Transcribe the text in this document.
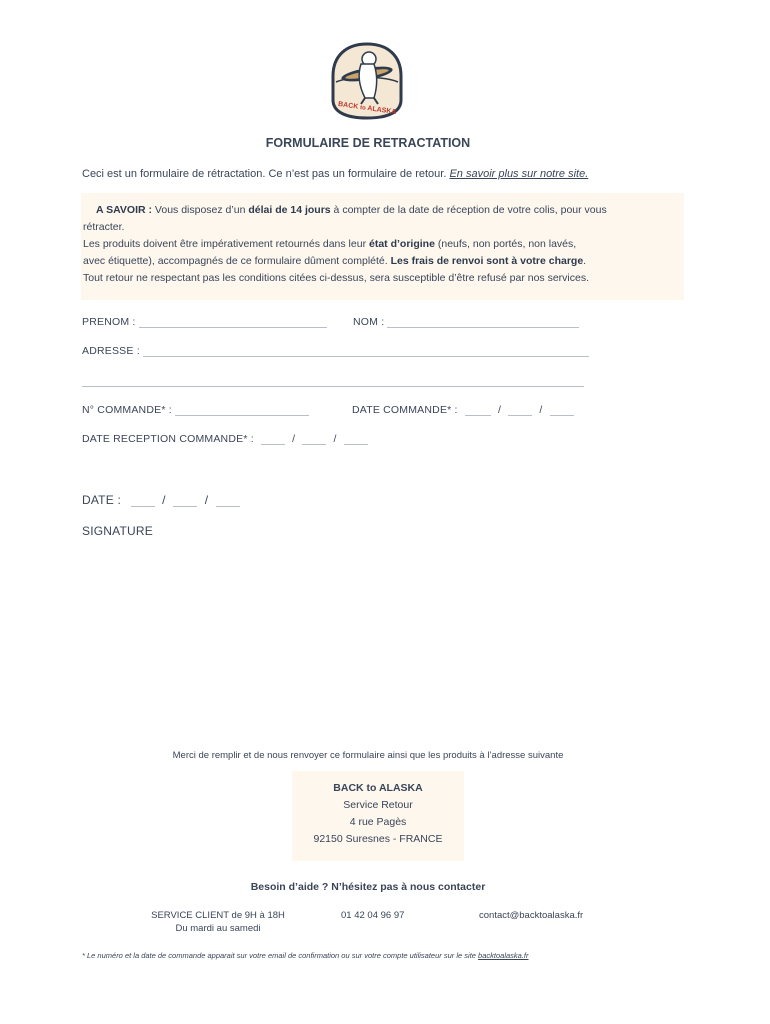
BACK to ALASKA
FORMULAIRE DE RETRACTATION
Ceci est un formulaire de rétractation. Ce n’est pas un formulaire de retour. En savoir plus sur notre site.
A SAVOIR : Vous disposez d’un délai de 14 jours à compter de la date de réception de votre colis, pour vous
rétracter.
Les produits doivent être impérativement retournés dans leur état d’origine (neufs, non portés, non lavés,
avec étiquette), accompagnés de ce formulaire dûment complété. Les frais de renvoi sont à votre charge.
Tout retour ne respectant pas les conditions citées ci-dessus, sera susceptible d’être refusé par nos services.
PRENOM :	NOM :
ADRESSE :
N° COMMANDE* :	DATE COMMANDE* :	/	/
DATE RECEPTION COMMANDE* :	/	/
DATE :	/	/
SIGNATURE
Merci de remplir et de nous renvoyer ce formulaire ainsi que les produits à l’adresse suivante
BACK to ALASKA
Service Retour
4 rue Pagès
92150 Suresnes - FRANCE
Besoin d’aide ? N’hésitez pas à nous contacter
SERVICE CLIENT de 9H à 18H
Du mardi au samedi
01 42 04 96 97	contact@backtoalaska.fr
* Le numéro et la date de commande apparait sur votre email de confirmation ou sur votre compte utilisateur sur le site backtoalaska.fr
